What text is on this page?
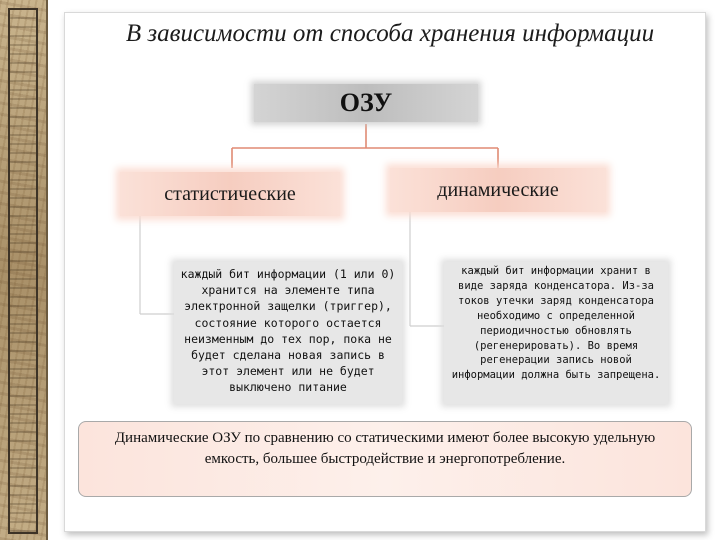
В зависимости от способа хранения информации
ОЗУ
статистические	динамические
каждый бит информации (1 или 0) хранится на элементе типа электронной защелки (триггер), состояние которого остается неизменным до тех пор, пока не будет сделана новая запись в этот элемент или не будет выключено питание
каждый бит информации хранит в виде заряда конденсатора. Из-за токов утечки заряд конденсатора необходимо с определенной периодичностью обновлять (регенерировать). Во время регенерации запись новой информации должна быть запрещена.
Динамические ОЗУ по сравнению со статическими имеют более высокую удельную емкость, большее быстродействие и энергопотребление.
